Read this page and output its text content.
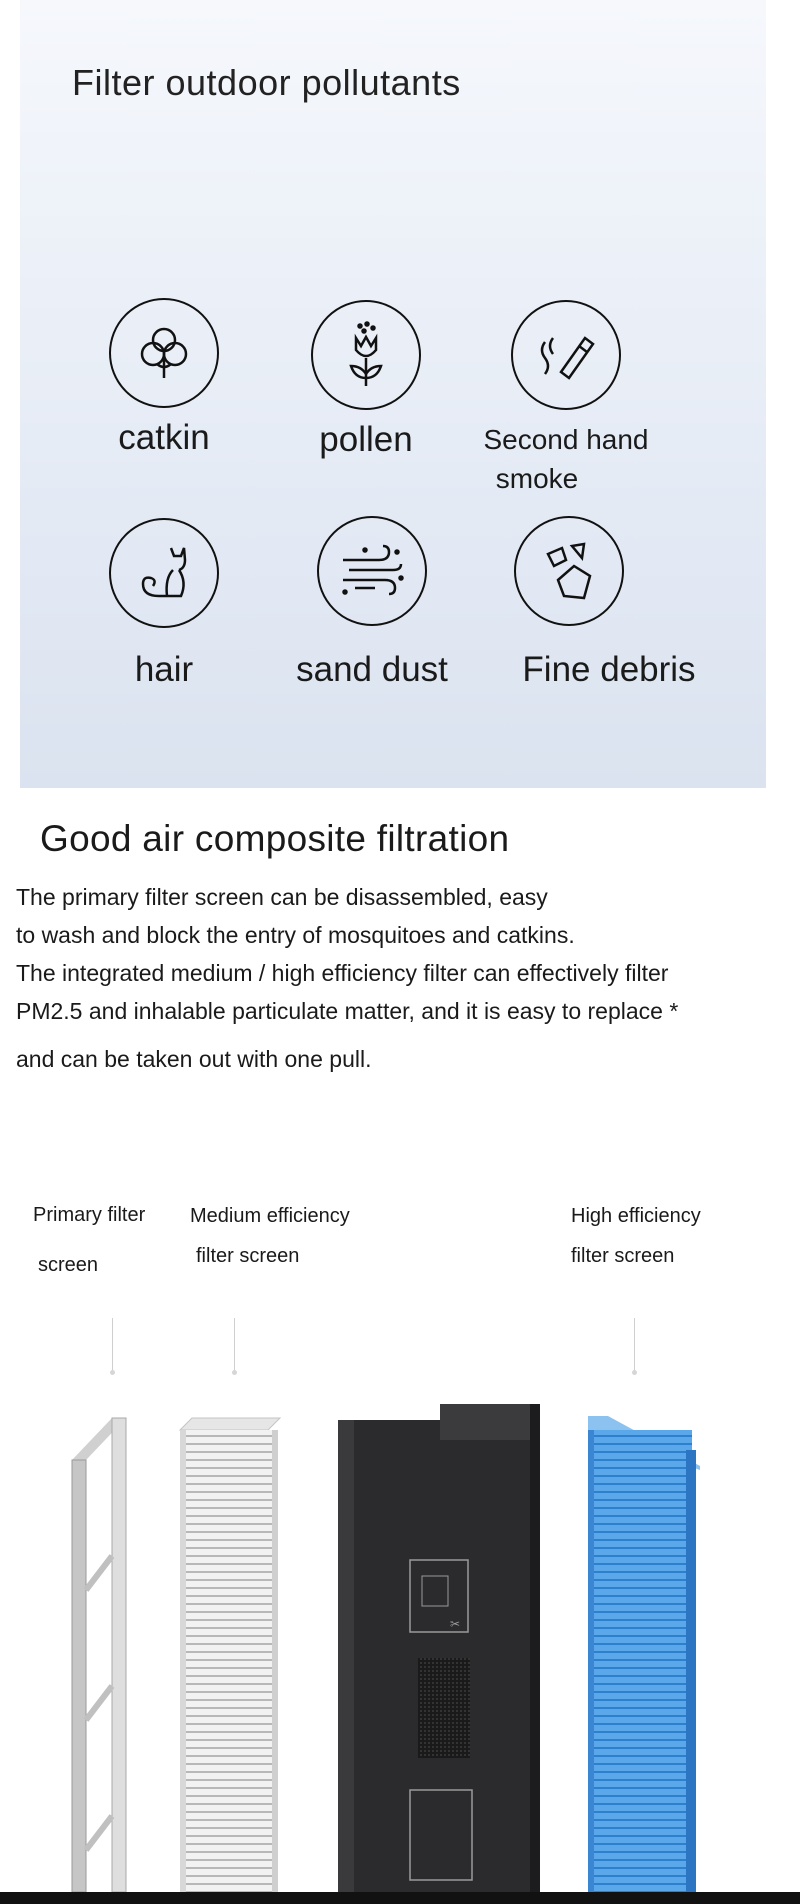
Filter outdoor pollutants
catkin	pollen	Second hand
smoke
hair	sand dust	Fine debris
Good air composite filtration
The primary filter screen can be disassembled, easy
to wash and block the entry of mosquitoes and catkins.
The integrated medium / high efficiency filter can effectively filter
PM2.5 and inhalable particulate matter, and it is easy to replace *
and can be taken out with one pull.
Primary filter
screen
Medium efficiency
filter screen
High efficiency
filter screen
✂
